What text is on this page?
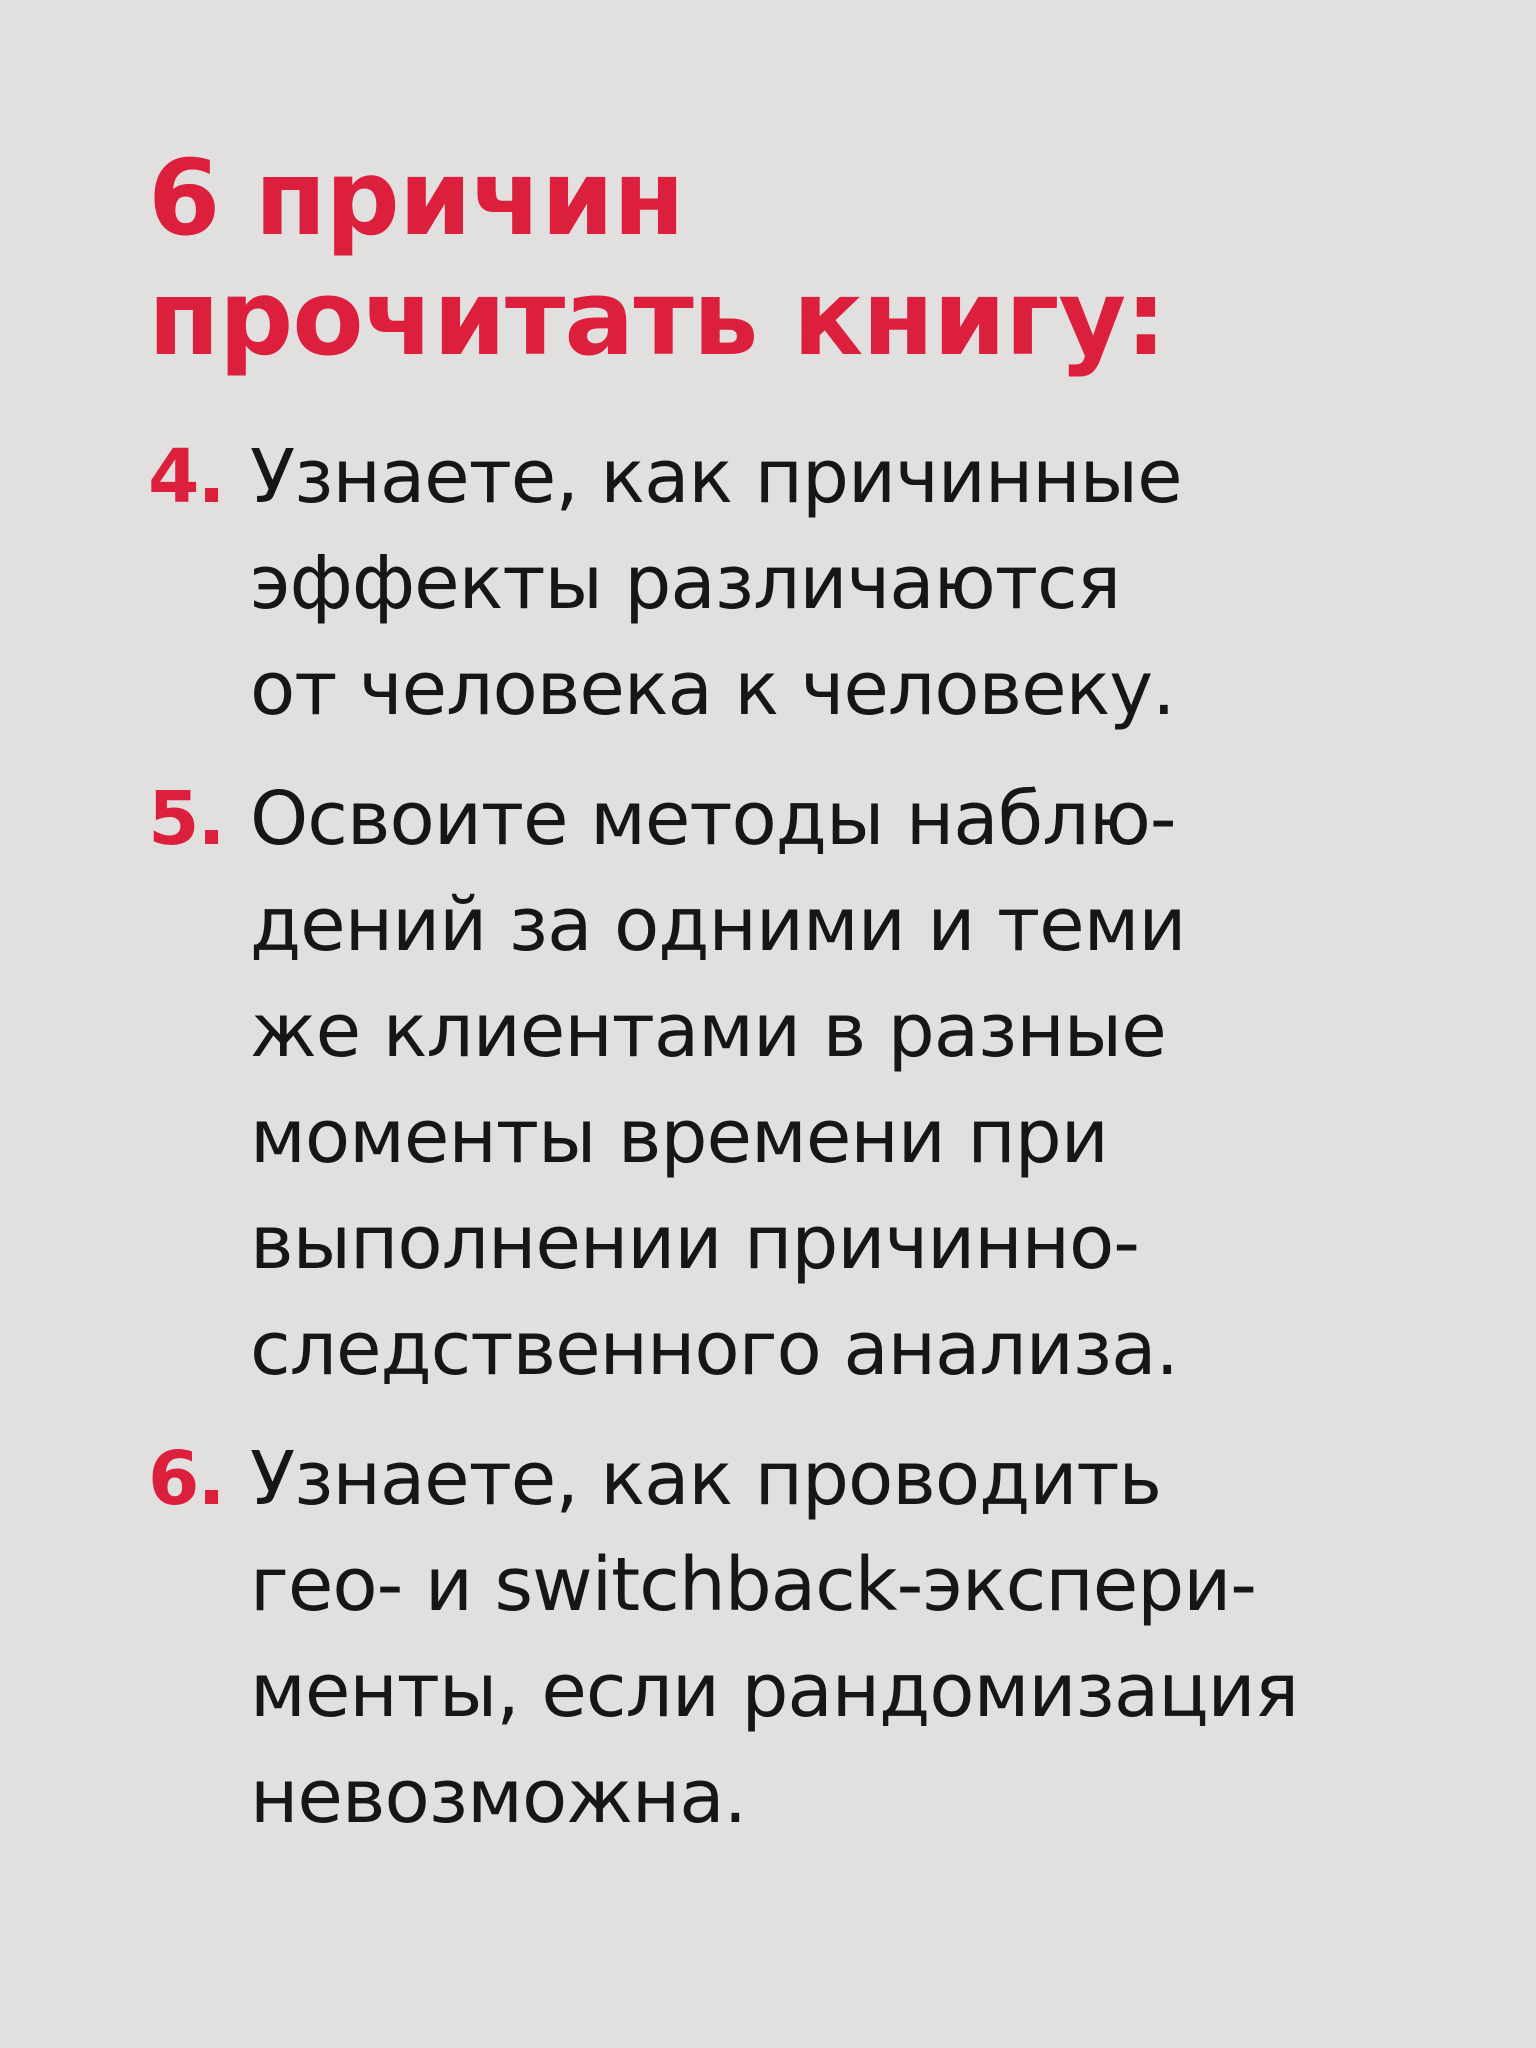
6 причин
прочитать книгу:
4. Узнаете, как причинные
эффекты различаются
от человека к человеку.
5. Освоите методы наблю-
дений за одними и теми
же клиентами в разные
моменты времени при
выполнении причинно-
следственного анализа.
6. Узнаете, как проводить
гео- и switchback-экспери-
менты, если рандомизация
невозможна.
